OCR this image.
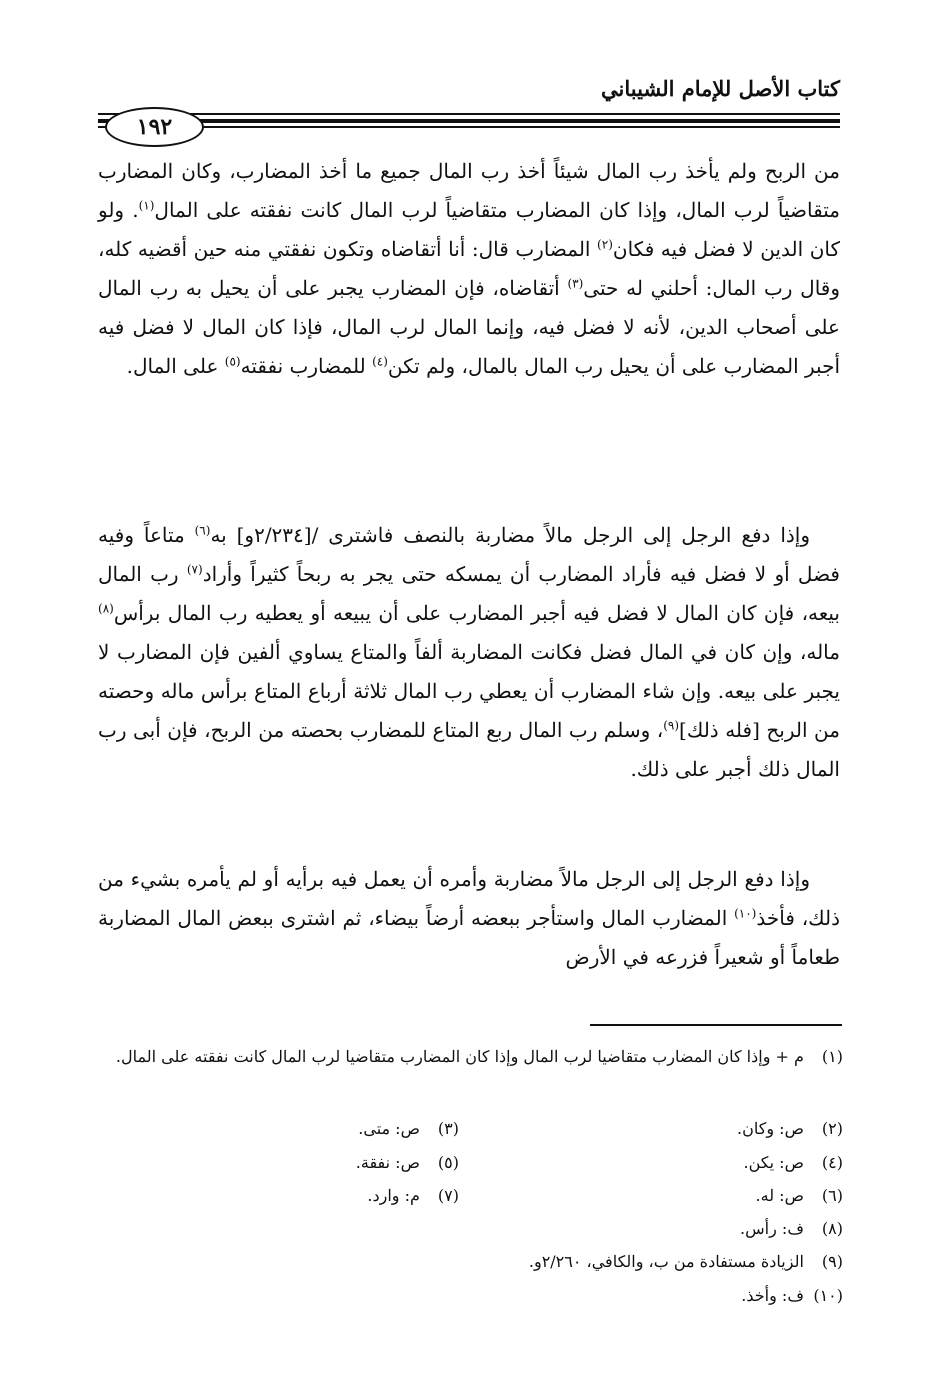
كتاب الأصل للإمام الشيباني
١٩٢

من الربح ولم يأخذ رب المال شيئاً أخذ رب المال جميع ما أخذ المضارب، وكان المضارب متقاضياً لرب المال، وإذا كان المضارب متقاضياً لرب المال كانت نفقته على المال$^{(١)}$. ولو كان الدين لا فضل فيه فكان$^{(٢)}$ المضارب قال: أنا أتقاضاه وتكون نفقتي منه حين أقضيه كله، وقال رب المال: أحلني له حتى$^{(٣)}$ أتقاضاه، فإن المضارب يجبر على أن يحيل به رب المال على أصحاب الدين، لأنه لا فضل فيه، وإنما المال لرب المال، فإذا كان المال لا فضل فيه أجبر المضارب على أن يحيل رب المال بالمال، ولم تكن$^{(٤)}$ للمضارب نفقته$^{(٥)}$ على المال.

وإذا دفع الرجل إلى الرجل مالاً مضاربة بالنصف فاشترى /[٢/٢٣٤و] به$^{(٦)}$ متاعاً وفيه فضل أو لا فضل فيه فأراد المضارب أن يمسكه حتى يجر به ربحاً كثيراً وأراد$^{(٧)}$ رب المال بيعه، فإن كان المال لا فضل فيه أجبر المضارب على أن يبيعه أو يعطيه رب المال برأس$^{(٨)}$ ماله، وإن كان في المال فضل فكانت المضاربة ألفاً والمتاع يساوي ألفين فإن المضارب لا يجبر على بيعه. وإن شاء المضارب أن يعطي رب المال ثلاثة أرباع المتاع برأس ماله وحصته من الربح [فله ذلك]$^{(٩)}$، وسلم رب المال ربع المتاع للمضارب بحصته من الربح، فإن أبى رب المال ذلك أجبر على ذلك.

وإذا دفع الرجل إلى الرجل مالاً مضاربة وأمره أن يعمل فيه برأيه أو لم يأمره بشيء من ذلك، فأخذ$^{(١٠)}$ المضارب المال واستأجر ببعضه أرضاً بيضاء، ثم اشترى ببعض المال المضاربة طعاماً أو شعيراً فزرعه في الأرض

(١) م + وإذا كان المضارب متقاضيا لرب المال وإذا كان المضارب متقاضيا لرب المال كانت نفقته على المال.
(٢) ص: وكان.
(٣) ص: متى.
(٤) ص: يكن.
(٥) ص: نفقة.
(٦) ص: له.
(٧) م: وارد.
(٨) ف: رأس.
(٩) الزيادة مستفادة من ب، والكافي، ٢/٢٦٠و.
(١٠) ف: وأخذ.
